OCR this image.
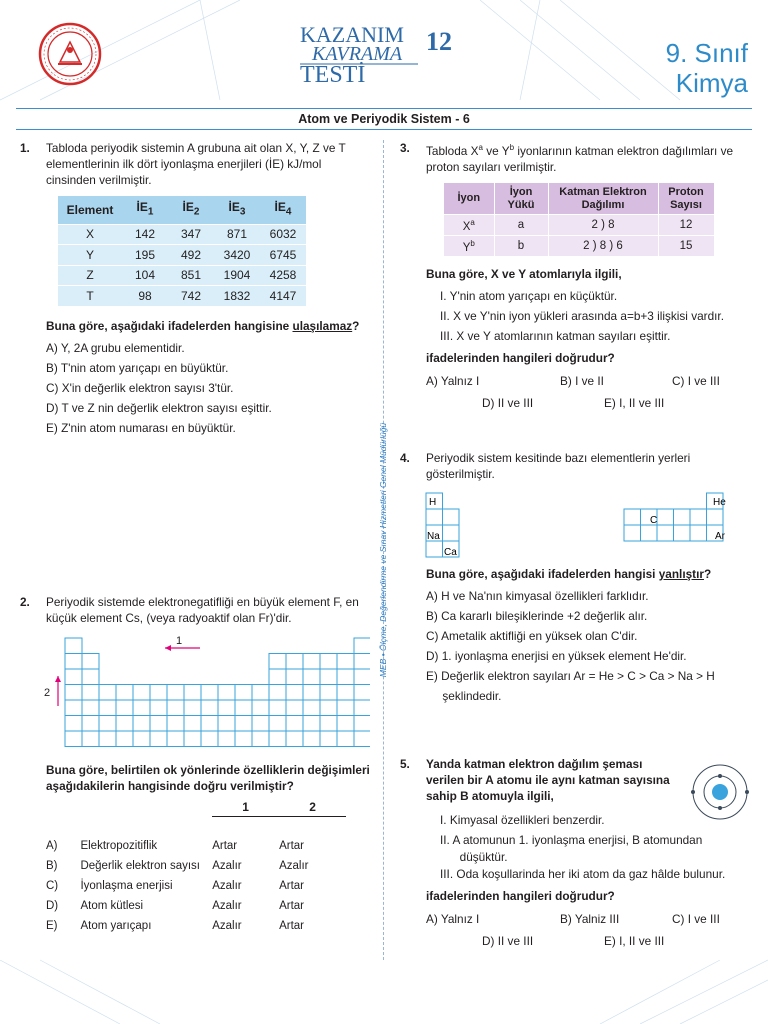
KAZANIM
KAVRAMA
TESTİ
12	9. Sınıf
Kimya
Atom ve Periyodik Sistem - 6
MEB • Ölçme, Değerlendirme ve Sınav Hizmetleri Genel Müdürlüğü
1. Tabloda periyodik sistemin A grubuna ait olan X, Y, Z ve T elementlerinin ilk dört iyonlaşma enerjileri (İE) kJ/mol cinsinden verilmiştir.
Element	$İE_1$	$İE_2$	$İE_3$	$İE_4$
X	142	347	871	6032
Y	195	492	3420	6745
Z	104	851	1904	4258
T	98	742	1832	4147
Buna göre, aşağıdaki ifadelerden hangisine ulaşılamaz?
A) Y, 2A grubu elementidir.
B) T'nin atom yarıçapı en büyüktür.
C) X'in değerlik elektron sayısı 3'tür.
D) T ve Z nin değerlik elektron sayısı eşittir.
E) Z'nin atom numarası en büyüktür.
2. Periyodik sistemde elektronegatifliği en büyük element F, en küçük element Cs, (veya radyoaktif olan Fr)'dir.
1
2
Buna göre, belirtilen ok yönlerinde özelliklerin değişimleri aşağıdakilerin hangisinde doğru verilmiştir?
		1	2

A)	Elektropozitiflik	Artar	Artar
B)	Değerlik elektron sayısı	Azalır	Azalır
C)	İyonlaşma enerjisi	Azalır	Artar
D)	Atom kütlesi	Azalır	Artar
E)	Atom yarıçapı	Azalır	Artar
3. Tabloda $X^a$ ve $Y^b$ iyonlarının katman elektron dağılımları ve proton sayıları verilmiştir.
İyon	İyon Yükü	Katman Elektron Dağılımı	Proton Sayısı
$X^a$	a	2 ) 8	12
$Y^b$	b	2 ) 8 ) 6	15
Buna göre, X ve Y atomlarıyla ilgili,
I. Y'nin atom yarıçapı en küçüktür.
II. X ve Y'nin iyon yükleri arasında a=b+3 ilişkisi vardır.
III. X ve Y atomlarının katman sayıları eşittir.
ifadelerinden hangileri doğrudur?
A) Yalnız I	B) I ve II	C) I ve III
D) II ve III	E) I, II ve III
4. Periyodik sistem kesitinde bazı elementlerin yerleri gösterilmiştir.
H	He
C
Na	Ar
Ca
Buna göre, aşağıdaki ifadelerden hangisi yanlıştır?
A) H ve Na'nın kimyasal özellikleri farklıdır.
B) Ca kararlı bileşiklerinde +2 değerlik alır.
C) Ametalik aktifliği en yüksek olan C'dir.
D) 1. iyonlaşma enerjisi en yüksek element He'dir.
E) Değerlik elektron sayıları Ar = He > C > Ca > Na > H
şeklindedir.
5. Yanda katman elektron dağılım şeması verilen bir A atomu ile aynı katman sayısına sahip B atomuyla ilgili,
I. Kimyasal özellikleri benzerdir.
II. A atomunun 1. iyonlaşma enerjisi, B atomundan
düşüktür.
III. Oda koşullarinda her iki atom da gaz hâlde bulunur.
ifadelerinden hangileri doğrudur?
A) Yalnız I	B) Yalniz III	C) I ve III
D) II ve III	E) I, II ve III
